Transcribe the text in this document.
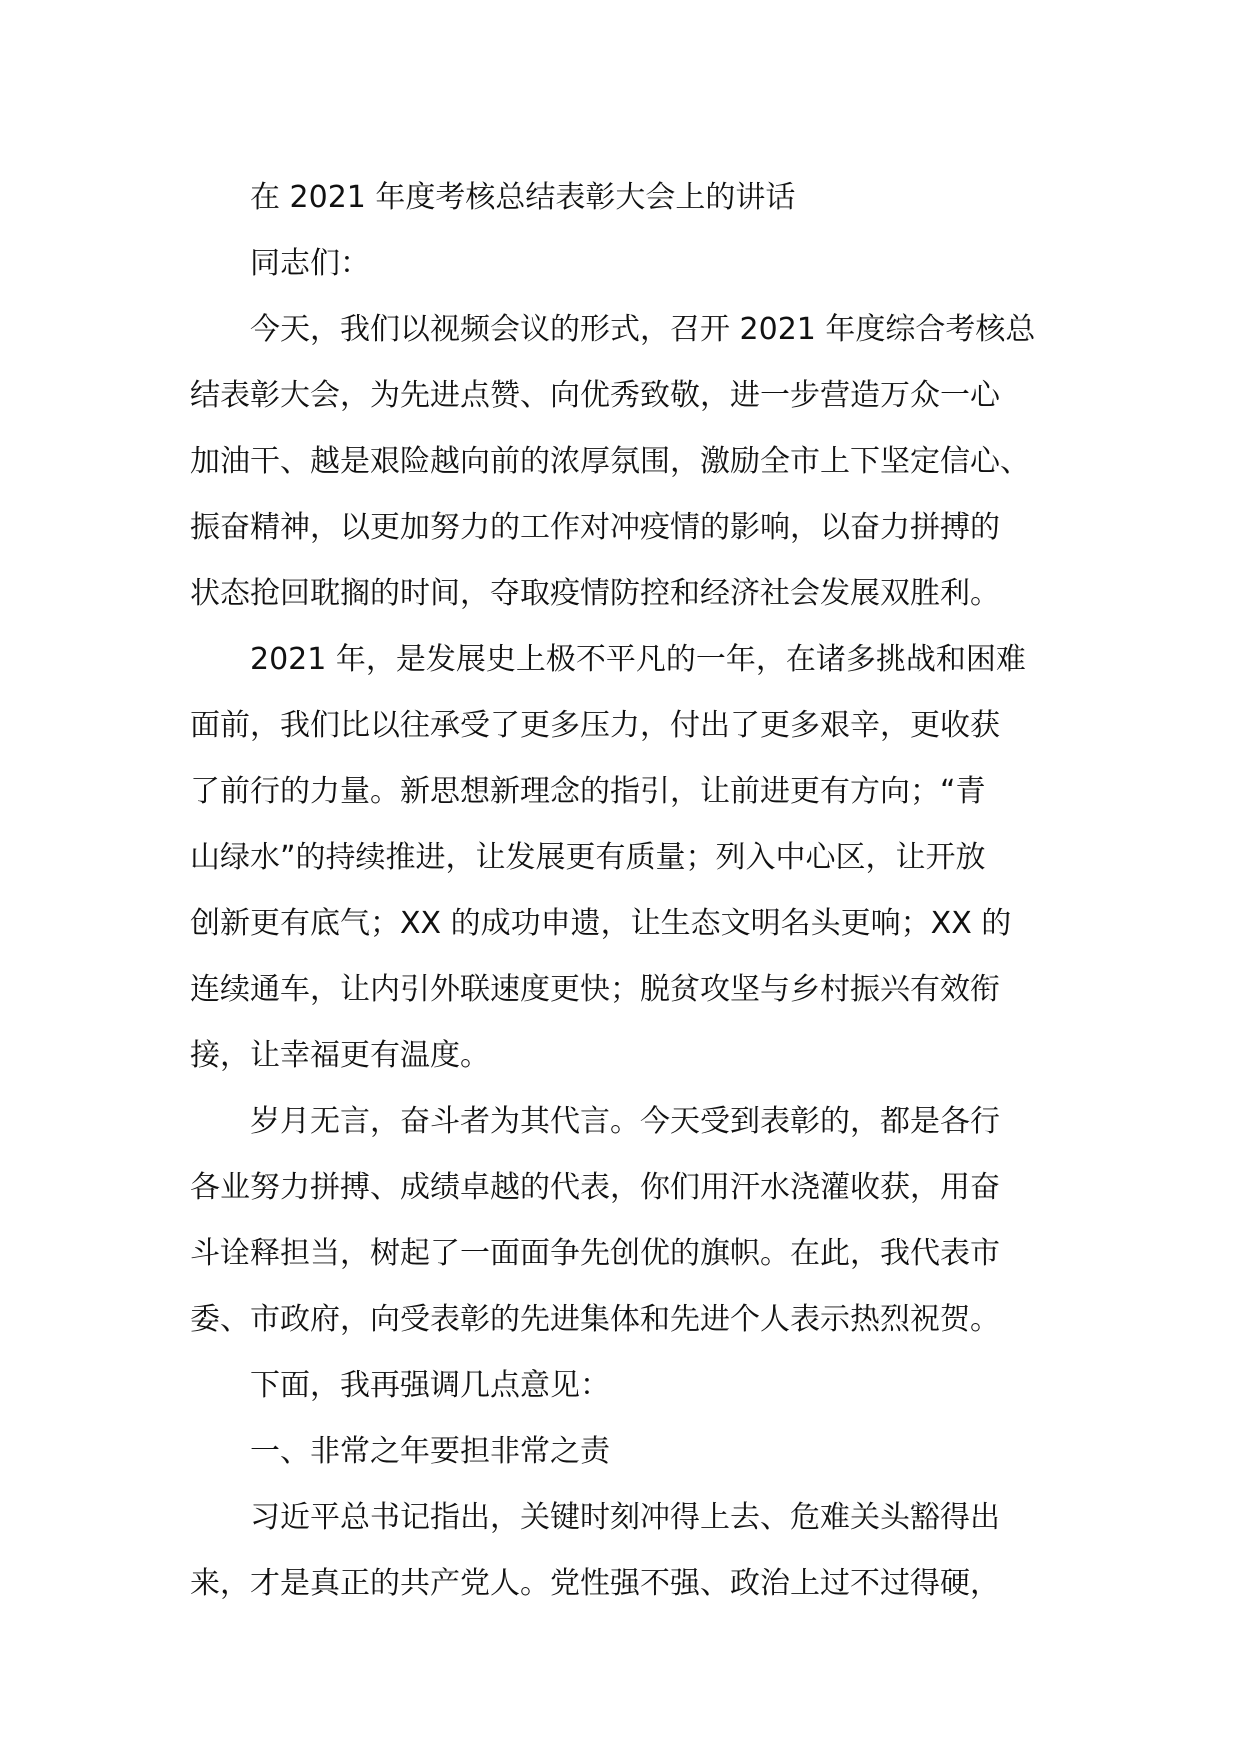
在 2021 年度考核总结表彰大会上的讲话
同志们：

今天，我们以视频会议的形式，召开 2021 年度综合考核总
结表彰大会，为先进点赞、向优秀致敬，进一步营造万众一心
加油干、越是艰险越向前的浓厚氛围，激励全市上下坚定信心、
振奋精神，以更加努力的工作对冲疫情的影响，以奋力拼搏的
状态抢回耽搁的时间，夺取疫情防控和经济社会发展双胜利。

2021 年，是发展史上极不平凡的一年，在诸多挑战和困难
面前，我们比以往承受了更多压力，付出了更多艰辛，更收获
了前行的力量。新思想新理念的指引，让前进更有方向；“青
山绿水”的持续推进，让发展更有质量；列入中心区，让开放
创新更有底气；XX 的成功申遗，让生态文明名头更响；XX 的
连续通车，让内引外联速度更快；脱贫攻坚与乡村振兴有效衔
接，让幸福更有温度。

岁月无言，奋斗者为其代言。今天受到表彰的，都是各行
各业努力拼搏、成绩卓越的代表，你们用汗水浇灌收获，用奋
斗诠释担当，树起了一面面争先创优的旗帜。在此，我代表市
委、市政府，向受表彰的先进集体和先进个人表示热烈祝贺。

下面，我再强调几点意见：

一、非常之年要担非常之责

习近平总书记指出，关键时刻冲得上去、危难关头豁得出
来，才是真正的共产党人。党性强不强、政治上过不过得硬，
